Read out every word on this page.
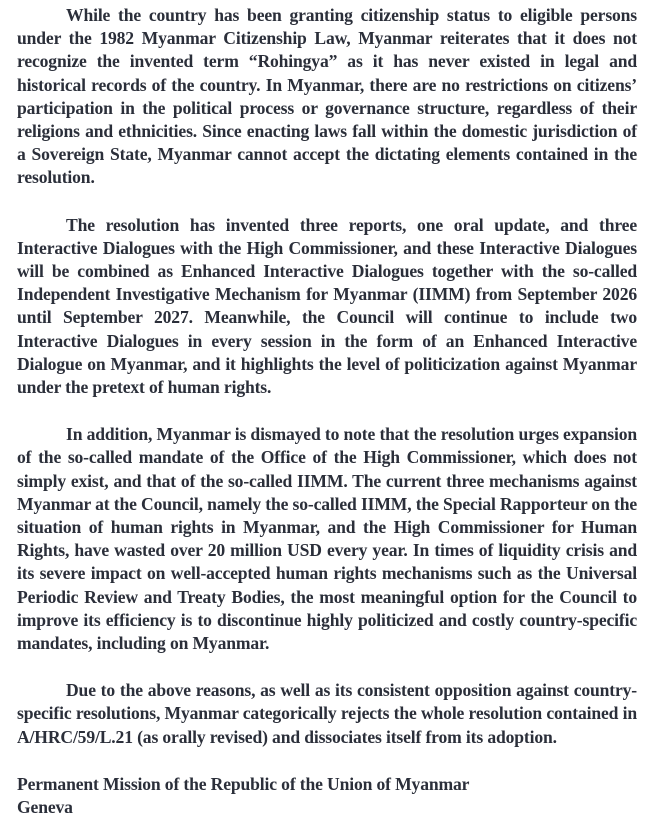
While the country has been granting citizenship status to eligible persons under the 1982 Myanmar Citizenship Law, Myanmar reiterates that it does not recognize the invented term “Rohingya” as it has never existed in legal and historical records of the country. In Myanmar, there are no restrictions on citizens’ participation in the political process or governance structure, regardless of their religions and ethnicities. Since enacting laws fall within the domestic jurisdiction of a Sovereign State, Myanmar cannot accept the dictating elements contained in the resolution.

The resolution has invented three reports, one oral update, and three Interactive Dialogues with the High Commissioner, and these Interactive Dialogues will be combined as Enhanced Interactive Dialogues together with the so-called Independent Investigative Mechanism for Myanmar (IIMM) from September 2026 until September 2027. Meanwhile, the Council will continue to include two Interactive Dialogues in every session in the form of an Enhanced Interactive Dialogue on Myanmar, and it highlights the level of politicization against Myanmar under the pretext of human rights.

In addition, Myanmar is dismayed to note that the resolution urges expansion of the so-called mandate of the Office of the High Commissioner, which does not simply exist, and that of the so-called IIMM. The current three mechanisms against Myanmar at the Council, namely the so-called IIMM, the Special Rapporteur on the situation of human rights in Myanmar, and the High Commissioner for Human Rights, have wasted over 20 million USD every year. In times of liquidity crisis and its severe impact on well-accepted human rights mechanisms such as the Universal Periodic Review and Treaty Bodies, the most meaningful option for the Council to improve its efficiency is to discontinue highly politicized and costly country-specific mandates, including on Myanmar.

Due to the above reasons, as well as its consistent opposition against country-specific resolutions, Myanmar categorically rejects the whole resolution contained in A/HRC/59/L.21 (as orally revised) and dissociates itself from its adoption.

Permanent Mission of the Republic of the Union of Myanmar
Geneva
